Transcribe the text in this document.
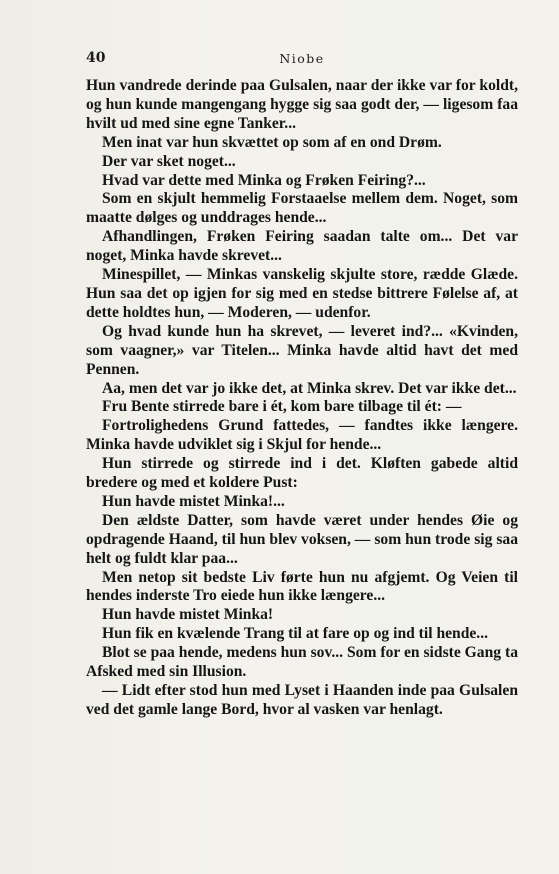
40	Niobe

Hun vandrede derinde paa Gulsalen, naar der ikke var for koldt, og hun kunde mangengang hygge sig saa godt der, — ligesom faa hvilt ud med sine egne Tanker...

Men inat var hun skvættet op som af en ond Drøm.

Der var sket noget...

Hvad var dette med Minka og Frøken Feiring?...

Som en skjult hemmelig Forstaaelse mellem dem. Noget, som maatte dølges og unddrages hende...

Afhandlingen, Frøken Feiring saadan talte om... Det var noget, Minka havde skrevet...

Minespillet, — Minkas vanskelig skjulte store, rædde Glæde. Hun saa det op igjen for sig med en stedse bittrere Følelse af, at dette holdtes hun, — Moderen, — udenfor.

Og hvad kunde hun ha skrevet, — leveret ind?... «Kvinden, som vaagner,» var Titelen... Minka havde altid havt det med Pennen.

Aa, men det var jo ikke det, at Minka skrev. Det var ikke det...

Fru Bente stirrede bare i ét, kom bare tilbage til ét: —

Fortrolighedens Grund fattedes, — fandtes ikke længere. Minka havde udviklet sig i Skjul for hende...

Hun stirrede og stirrede ind i det. Kløften gabede altid bredere og med et koldere Pust:

Hun havde mistet Minka!...

Den ældste Datter, som havde været under hendes Øie og opdragende Haand, til hun blev voksen, — som hun trode sig saa helt og fuldt klar paa...

Men netop sit bedste Liv førte hun nu afgjemt. Og Veien til hendes inderste Tro eiede hun ikke længere...

Hun havde mistet Minka!

Hun fik en kvælende Trang til at fare op og ind til hende...

Blot se paa hende, medens hun sov... Som for en sidste Gang ta Afsked med sin Illusion.

— Lidt efter stod hun med Lyset i Haanden inde paa Gulsalen ved det gamle lange Bord, hvor al vasken var henlagt.
